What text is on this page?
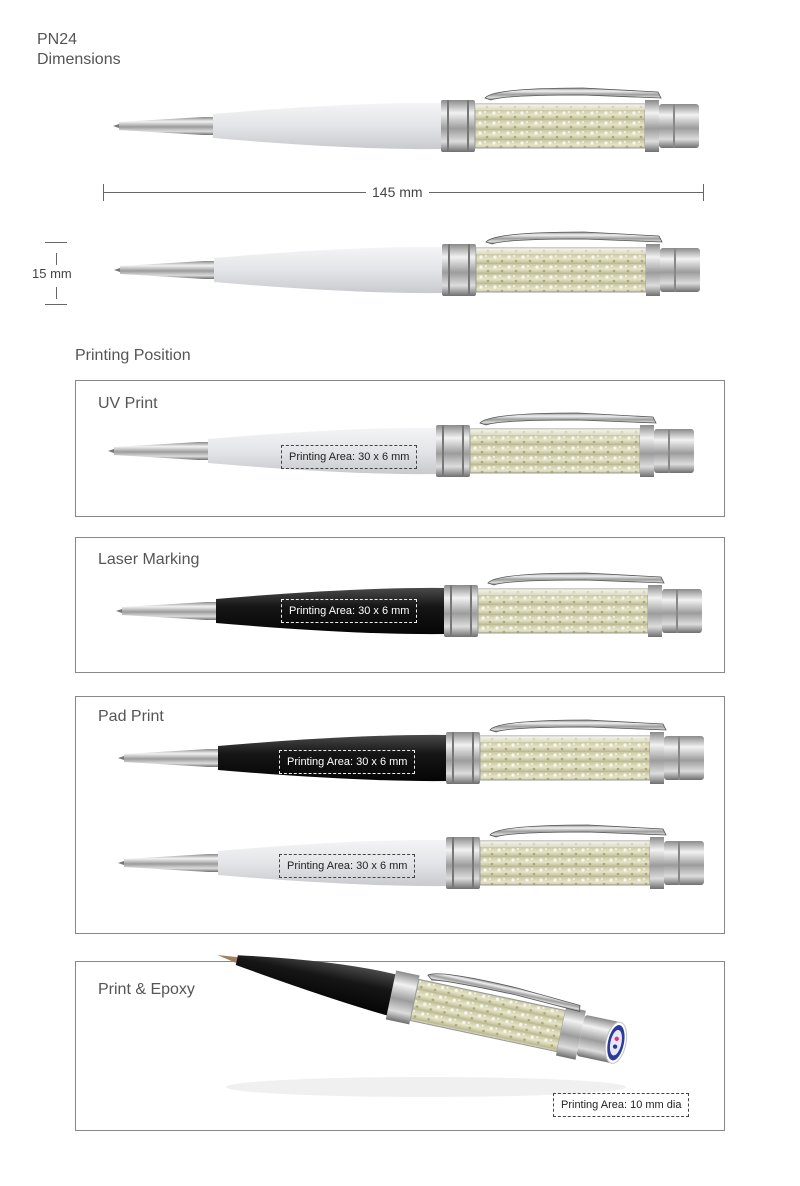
PN24
Dimensions
145 mm
15 mm
Printing Position
UV Print
Printing Area: 30 x 6 mm
Laser Marking
Printing Area: 30 x 6 mm
Pad Print
Printing Area: 30 x 6 mm
Printing Area: 30 x 6 mm
Print & Epoxy
Printing Area: 10 mm dia
